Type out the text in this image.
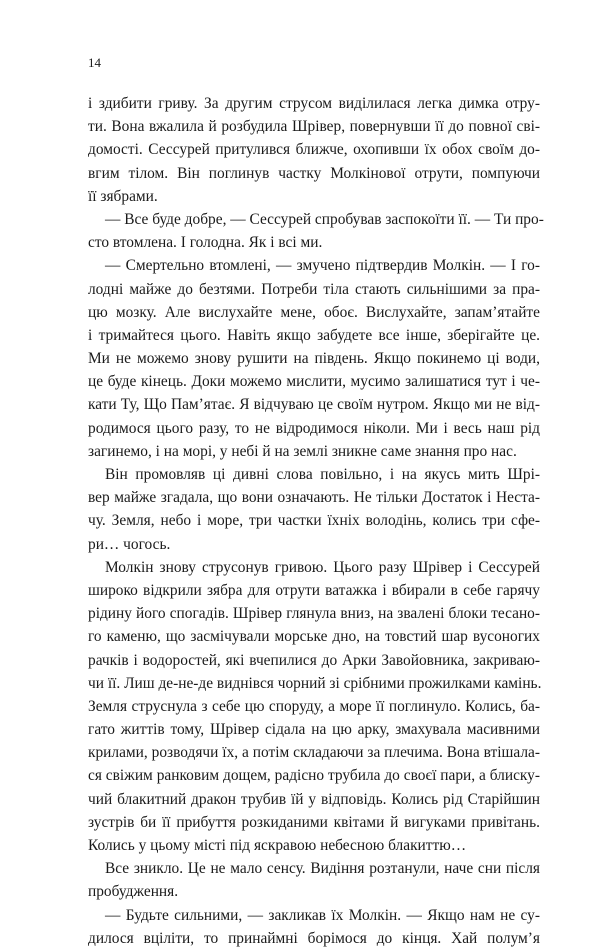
14
і здибити гриву. За другим струсом виділилася легка димка отру-
ти. Вона вжалила й розбудила Шрівер, повернувши її до повної сві-
домості. Сессурей притулився ближче, охопивши їх обох своїм до-
вгим тілом. Він поглинув частку Молкінової отрути, помпуючи
її зябрами.
— Все буде добре, — Сессурей спробував заспокоїти її. — Ти про-
сто втомлена. І голодна. Як і всі ми.
— Смертельно втомлені, — змучено підтвердив Молкін. — І го-
лодні майже до безтями. Потреби тіла стають сильнішими за пра-
цю мозку. Але вислухайте мене, обоє. Вислухайте, запам’ятайте
і тримайтеся цього. Навіть якщо забудете все інше, зберігайте це.
Ми не можемо знову рушити на південь. Якщо покинемо ці води,
це буде кінець. Доки можемо мислити, мусимо залишатися тут і че-
кати Ту, Що Пам’ятає. Я відчуваю це своїм нутром. Якщо ми не від-
родимося цього разу, то не відродимося ніколи. Ми і весь наш рід
загинемо, і на морі, у небі й на землі зникне саме знання про нас.
Він промовляв ці дивні слова повільно, і на якусь мить Шрі-
вер майже згадала, що вони означають. Не тільки Достаток і Неста-
чу. Земля, небо і море, три частки їхніх володінь, колись три сфе-
ри… чогось.
Молкін знову струсонув гривою. Цього разу Шрівер і Сессурей
широко відкрили зябра для отрути ватажка і вбирали в себе гарячу
рідину його спогадів. Шрівер глянула вниз, на звалені блоки тесано-
го каменю, що засмічували морське дно, на товстий шар вусоногих
рачків і водоростей, які вчепилися до Арки Завойовника, закриваю-
чи її. Лиш де-не-де виднівся чорний зі срібними прожилками камінь.
Земля струснула з себе цю споруду, а море її поглинуло. Колись, ба-
гато життів тому, Шрівер сідала на цю арку, змахувала масивними
крилами, розводячи їх, а потім складаючи за плечима. Вона втішала-
ся свіжим ранковим дощем, радісно трубила до своєї пари, а блиску-
чий блакитний дракон трубив їй у відповідь. Колись рід Старійшин
зустрів би її прибуття розкиданими квітами й вигуками привітань.
Колись у цьому місті під яскравою небесною блакиттю…
Все зникло. Це не мало сенсу. Видіння розтанули, наче сни після
пробудження.
— Будьте сильними, — закликав їх Молкін. — Якщо нам не су-
дилося вціліти, то принаймні борімося до кінця. Хай полум’я
